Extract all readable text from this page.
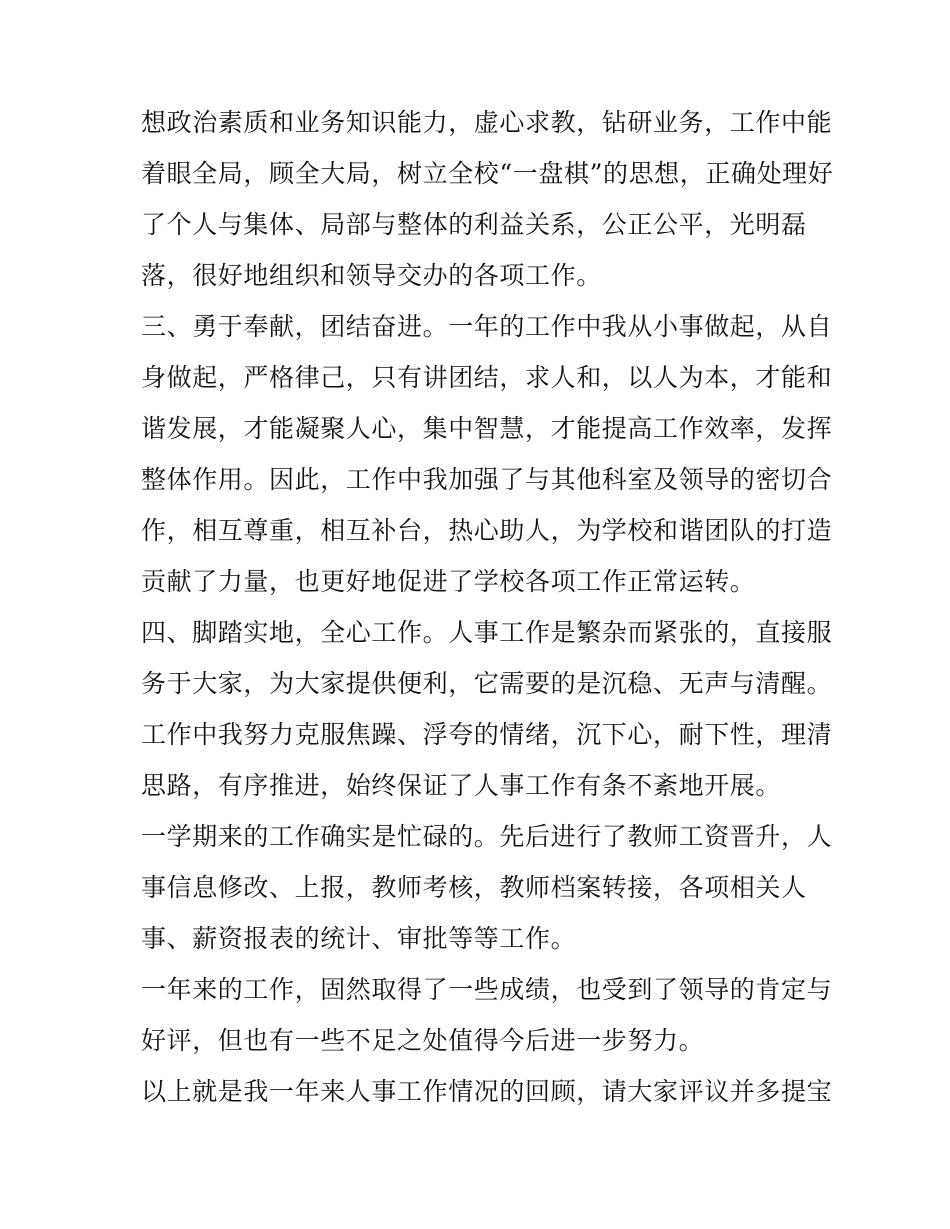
想政治素质和业务知识能力，虚心求教，钻研业务，工作中能
着眼全局，顾全大局，树立全校“一盘棋”的思想，正确处理好
了个人与集体、局部与整体的利益关系，公正公平，光明磊
落，很好地组织和领导交办的各项工作。
三、勇于奉献，团结奋进。一年的工作中我从小事做起，从自
身做起，严格律己，只有讲团结，求人和，以人为本，才能和
谐发展，才能凝聚人心，集中智慧，才能提高工作效率，发挥
整体作用。因此，工作中我加强了与其他科室及领导的密切合
作，相互尊重，相互补台，热心助人，为学校和谐团队的打造
贡献了力量，也更好地促进了学校各项工作正常运转。
四、脚踏实地，全心工作。人事工作是繁杂而紧张的，直接服
务于大家，为大家提供便利，它需要的是沉稳、无声与清醒。
工作中我努力克服焦躁、浮夸的情绪，沉下心，耐下性，理清
思路，有序推进，始终保证了人事工作有条不紊地开展。
一学期来的工作确实是忙碌的。先后进行了教师工资晋升，人
事信息修改、上报，教师考核，教师档案转接，各项相关人
事、薪资报表的统计、审批等等工作。
一年来的工作，固然取得了一些成绩，也受到了领导的肯定与
好评，但也有一些不足之处值得今后进一步努力。
以上就是我一年来人事工作情况的回顾，请大家评议并多提宝
